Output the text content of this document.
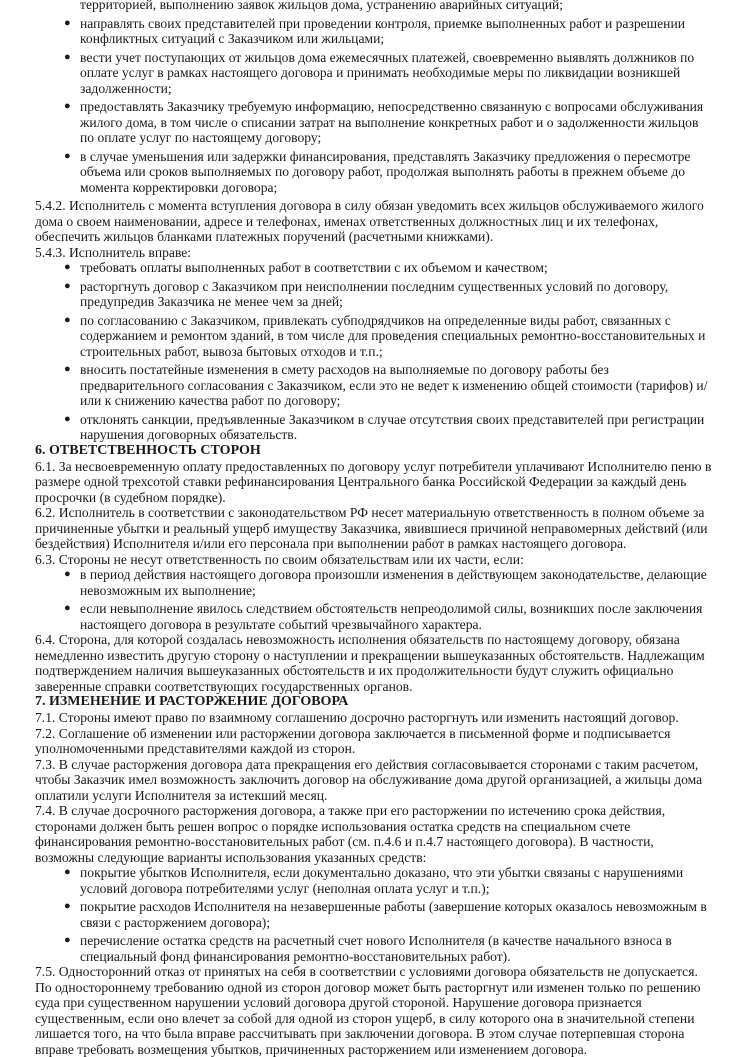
территорией, выполнению заявок жильцов дома, устранению аварийных ситуаций;
● направлять своих представителей при проведении контроля, приемке выполненных работ и разрешении конфликтных ситуаций с Заказчиком или жильцами;
● вести учет поступающих от жильцов дома ежемесячных платежей, своевременно выявлять должников по оплате услуг в рамках настоящего договора и принимать необходимые меры по ликвидации возникшей задолженности;
● предоставлять Заказчику требуемую информацию, непосредственно связанную с вопросами обслуживания жилого дома, в том числе о списании затрат на выполнение конкретных работ и о задолженности жильцов по оплате услуг по настоящему договору;
● в случае уменьшения или задержки финансирования, представлять Заказчику предложения о пересмотре объема или сроков выполняемых по договору работ, продолжая выполнять работы в прежнем объеме до момента корректировки договора;

5.4.2. Исполнитель с момента вступления договора в силу обязан уведомить всех жильцов обслуживаемого жилого дома о своем наименовании, адресе и телефонах, именах ответственных должностных лиц и их телефонах, обеспечить жильцов бланками платежных поручений (расчетными книжками).

5.4.3. Исполнитель вправе:

● требовать оплаты выполненных работ в соответствии с их объемом и качеством;
● расторгнуть договор с Заказчиком при неисполнении последним существенных условий по договору, предупредив Заказчика не менее чем за дней;
● по согласованию с Заказчиком, привлекать субподрядчиков на определенные виды работ, связанных с содержанием и ремонтом зданий, в том числе для проведения специальных ремонтно-восстановительных и строительных работ, вывоза бытовых отходов и т.п.;
● вносить постатейные изменения в смету расходов на выполняемые по договору работы без предварительного согласования с Заказчиком, если это не ведет к изменению общей стоимости (тарифов) и/или к снижению качества работ по договору;
● отклонять санкции, предъявленные Заказчиком в случае отсутствия своих представителей при регистрации нарушения договорных обязательств.
6. ОТВЕТСТВЕННОСТЬ СТОРОН

6.1. За несвоевременную оплату предоставленных по договору услуг потребители уплачивают Исполнителю пеню в размере одной трехсотой ставки рефинансирования Центрального банка Российской Федерации за каждый день просрочки (в судебном порядке).

6.2. Исполнитель в соответствии с законодательством РФ несет материальную ответственность в полном объеме за причиненные убытки и реальный ущерб имуществу Заказчика, явившиеся причиной неправомерных действий (или бездействия) Исполнителя и/или его персонала при выполнении работ в рамках настоящего договора.

6.3. Стороны не несут ответственность по своим обязательствам или их части, если:

● в период действия настоящего договора произошли изменения в действующем законодательстве, делающие невозможным их выполнение;
● если невыполнение явилось следствием обстоятельств непреодолимой силы, возникших после заключения настоящего договора в результате событий чрезвычайного характера.

6.4. Сторона, для которой создалась невозможность исполнения обязательств по настоящему договору, обязана немедленно известить другую сторону о наступлении и прекращении вышеуказанных обстоятельств. Надлежащим подтверждением наличия вышеуказанных обстоятельств и их продолжительности будут служить официально заверенные справки соответствующих государственных органов.

7. ИЗМЕНЕНИЕ И РАСТОРЖЕНИЕ ДОГОВОРА

7.1. Стороны имеют право по взаимному соглашению досрочно расторгнуть или изменить настоящий договор.

7.2. Соглашение об изменении или расторжении договора заключается в письменной форме и подписывается уполномоченными представителями каждой из сторон.

7.3. В случае расторжения договора дата прекращения его действия согласовывается сторонами с таким расчетом, чтобы Заказчик имел возможность заключить договор на обслуживание дома другой организацией, а жильцы дома оплатили услуги Исполнителя за истекший месяц.

7.4. В случае досрочного расторжения договора, а также при его расторжении по истечению срока действия, сторонами должен быть решен вопрос о порядке использования остатка средств на специальном счете финансирования ремонтно-восстановительных работ (см. п.4.6 и п.4.7 настоящего договора). В частности, возможны следующие варианты использования указанных средств:

● покрытие убытков Исполнителя, если документально доказано, что эти убытки связаны с нарушениями условий договора потребителями услуг (неполная оплата услуг и т.п.);
● покрытие расходов Исполнителя на незавершенные работы (завершение которых оказалось невозможным в связи с расторжением договора);
● перечисление остатка средств на расчетный счет нового Исполнителя (в качестве начального взноса в специальный фонд финансирования ремонтно-восстановительных работ).

7.5. Односторонний отказ от принятых на себя в соответствии с условиями договора обязательств не допускается. По одностороннему требованию одной из сторон договор может быть расторгнут или изменен только по решению суда при существенном нарушении условий договора другой стороной. Нарушение договора признается существенным, если оно влечет за собой для одной из сторон ущерб, в силу которого она в значительной степени лишается того, на что была вправе рассчитывать при заключении договора. В этом случае потерпевшая сторона вправе требовать возмещения убытков, причиненных расторжением или изменением договора.
